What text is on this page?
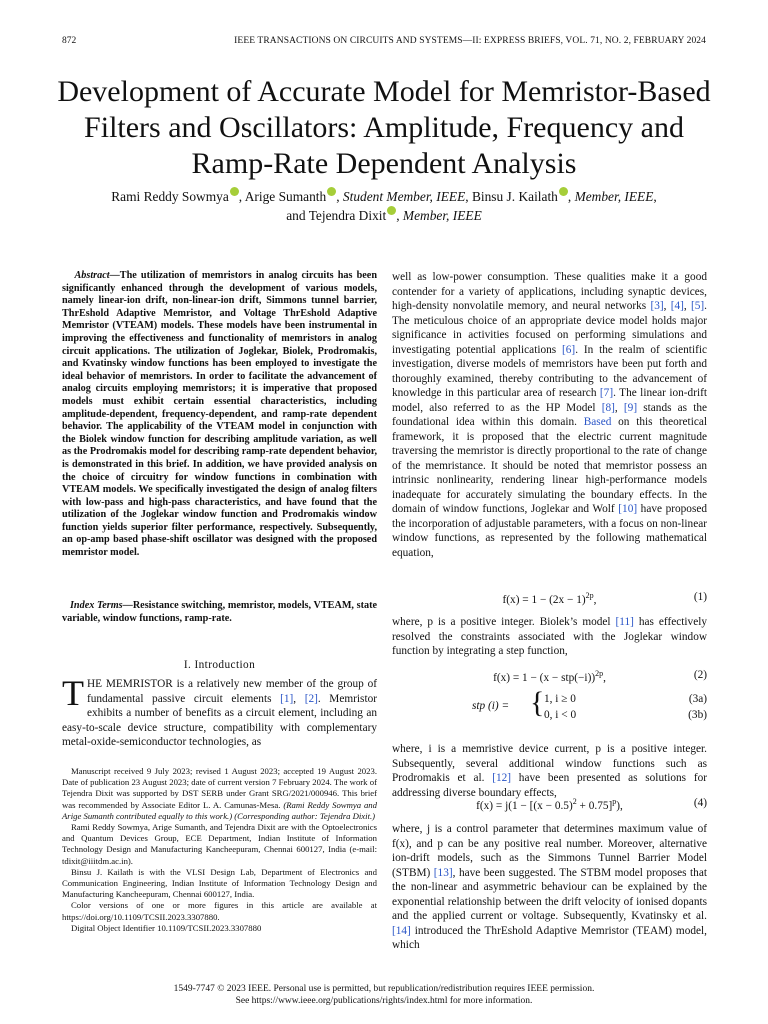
872	IEEE TRANSACTIONS ON CIRCUITS AND SYSTEMS—II: EXPRESS BRIEFS, VOL. 71, NO. 2, FEBRUARY 2024
Development of Accurate Model for Memristor-Based Filters and Oscillators: Amplitude, Frequency and Ramp-Rate Dependent Analysis
Rami Reddy Sowmya , Arige Sumanth , Student Member, IEEE, Binsu J. Kailath , Member, IEEE,
and Tejendra Dixit , Member, IEEE
Abstract—The utilization of memristors in analog circuits has been significantly enhanced through the development of various models, namely linear-ion drift, non-linear-ion drift, Simmons tunnel barrier, ThrEshold Adaptive Memristor, and Voltage ThrEshold Adaptive Memristor (VTEAM) models. These models have been instrumental in improving the effectiveness and functionality of memristors in analog circuit applications. The utilization of Joglekar, Biolek, Prodromakis, and Kvatinsky window functions has been employed to investigate the ideal behavior of memristors. In order to facilitate the advancement of analog circuits employing memristors; it is imperative that proposed models must exhibit certain essential characteristics, including amplitude-dependent, frequency-dependent, and ramp-rate dependent behavior. The applicability of the VTEAM model in conjunction with the Biolek window function for describing amplitude variation, as well as the Prodromakis model for describing ramp-rate dependent behavior, is demonstrated in this brief. In addition, we have provided analysis on the choice of circuitry for window functions in combination with VTEAM models. We specifically investigated the design of analog filters with low-pass and high-pass characteristics, and have found that the utilization of the Joglekar window function and Prodromakis window function yields superior filter performance, respectively. Subsequently, an op-amp based phase-shift oscillator was designed with the proposed memristor model.
Index Terms—Resistance switching, memristor, models, VTEAM, state variable, window functions, ramp-rate.
I. Introduction
THE MEMRISTOR is a relatively new member of the group of fundamental passive circuit elements [1], [2]. Memristor exhibits a number of benefits as a circuit element, including an easy-to-scale device structure, compatibility with complementary metal-oxide-semiconductor technologies, as

Manuscript received 9 July 2023; revised 1 August 2023; accepted 19 August 2023. Date of publication 23 August 2023; date of current version 7 February 2024. The work of Tejendra Dixit was supported by DST SERB under Grant SRG/2021/000946. This brief was recommended by Associate Editor L. A. Camunas-Mesa. (Rami Reddy Sowmya and Arige Sumanth contributed equally to this work.) (Corresponding author: Tejendra Dixit.)

Rami Reddy Sowmya, Arige Sumanth, and Tejendra Dixit are with the Optoelectronics and Quantum Devices Group, ECE Department, Indian Institute of Information Technology Design and Manufacturing Kancheepuram, Chennai 600127, India (e-mail: tdixit@iiitdm.ac.in).

Binsu J. Kailath is with the VLSI Design Lab, Department of Electronics and Communication Engineering, Indian Institute of Information Technology Design and Manufacturing Kancheepuram, Chennai 600127, India.

Color versions of one or more figures in this article are available at https://doi.org/10.1109/TCSII.2023.3307880.

Digital Object Identifier 10.1109/TCSII.2023.3307880

well as low-power consumption. These qualities make it a good contender for a variety of applications, including synaptic devices, high-density nonvolatile memory, and neural networks [3], [4], [5]. The meticulous choice of an appropriate device model holds major significance in activities focused on performing simulations and investigating potential applications [6]. In the realm of scientific investigation, diverse models of memristors have been put forth and thoroughly examined, thereby contributing to the advancement of knowledge in this particular area of research [7]. The linear ion-drift model, also referred to as the HP Model [8], [9] stands as the foundational idea within this domain. Based on this theoretical framework, it is proposed that the electric current magnitude traversing the memristor is directly proportional to the rate of change of the memristance. It should be noted that memristor possess an intrinsic nonlinearity, rendering linear high-performance models inadequate for accurately simulating the boundary effects. In the domain of window functions, Joglekar and Wolf [10] have proposed the incorporation of adjustable parameters, with a focus on non-linear window functions, as represented by the following mathematical equation,
$f(x) = 1 - (2x - 1)^{2p}$,	(1)
where, p is a positive integer. Biolek’s model [11] has effectively resolved the constraints associated with the Joglekar window function by integrating a step function,
$f(x) = 1 - (x - stp(-i))^{2p}$,	(2)
stp (i) = { 1, i ≥ 0
0, i < 0
(3a)
(3b)
where, i is a memristive device current, p is a positive integer. Subsequently, several additional window functions such as Prodromakis et al. [12] have been presented as solutions for addressing diverse boundary effects,
$f(x) = j(1 - [(x - 0.5)^2 + 0.75]^p)$,	(4)
where, j is a control parameter that determines maximum value of f(x), and p can be any positive real number. Moreover, alternative ion-drift models, such as the Simmons Tunnel Barrier Model (STBM) [13], have been suggested. The STBM model proposes that the non-linear and asymmetric behaviour can be explained by the exponential relationship between the drift velocity of ionised dopants and the applied current or voltage. Subsequently, Kvatinsky et al. [14] introduced the ThrEshold Adaptive Memristor (TEAM) model, which
1549-7747 © 2023 IEEE. Personal use is permitted, but republication/redistribution requires IEEE permission.
See https://www.ieee.org/publications/rights/index.html for more information.
